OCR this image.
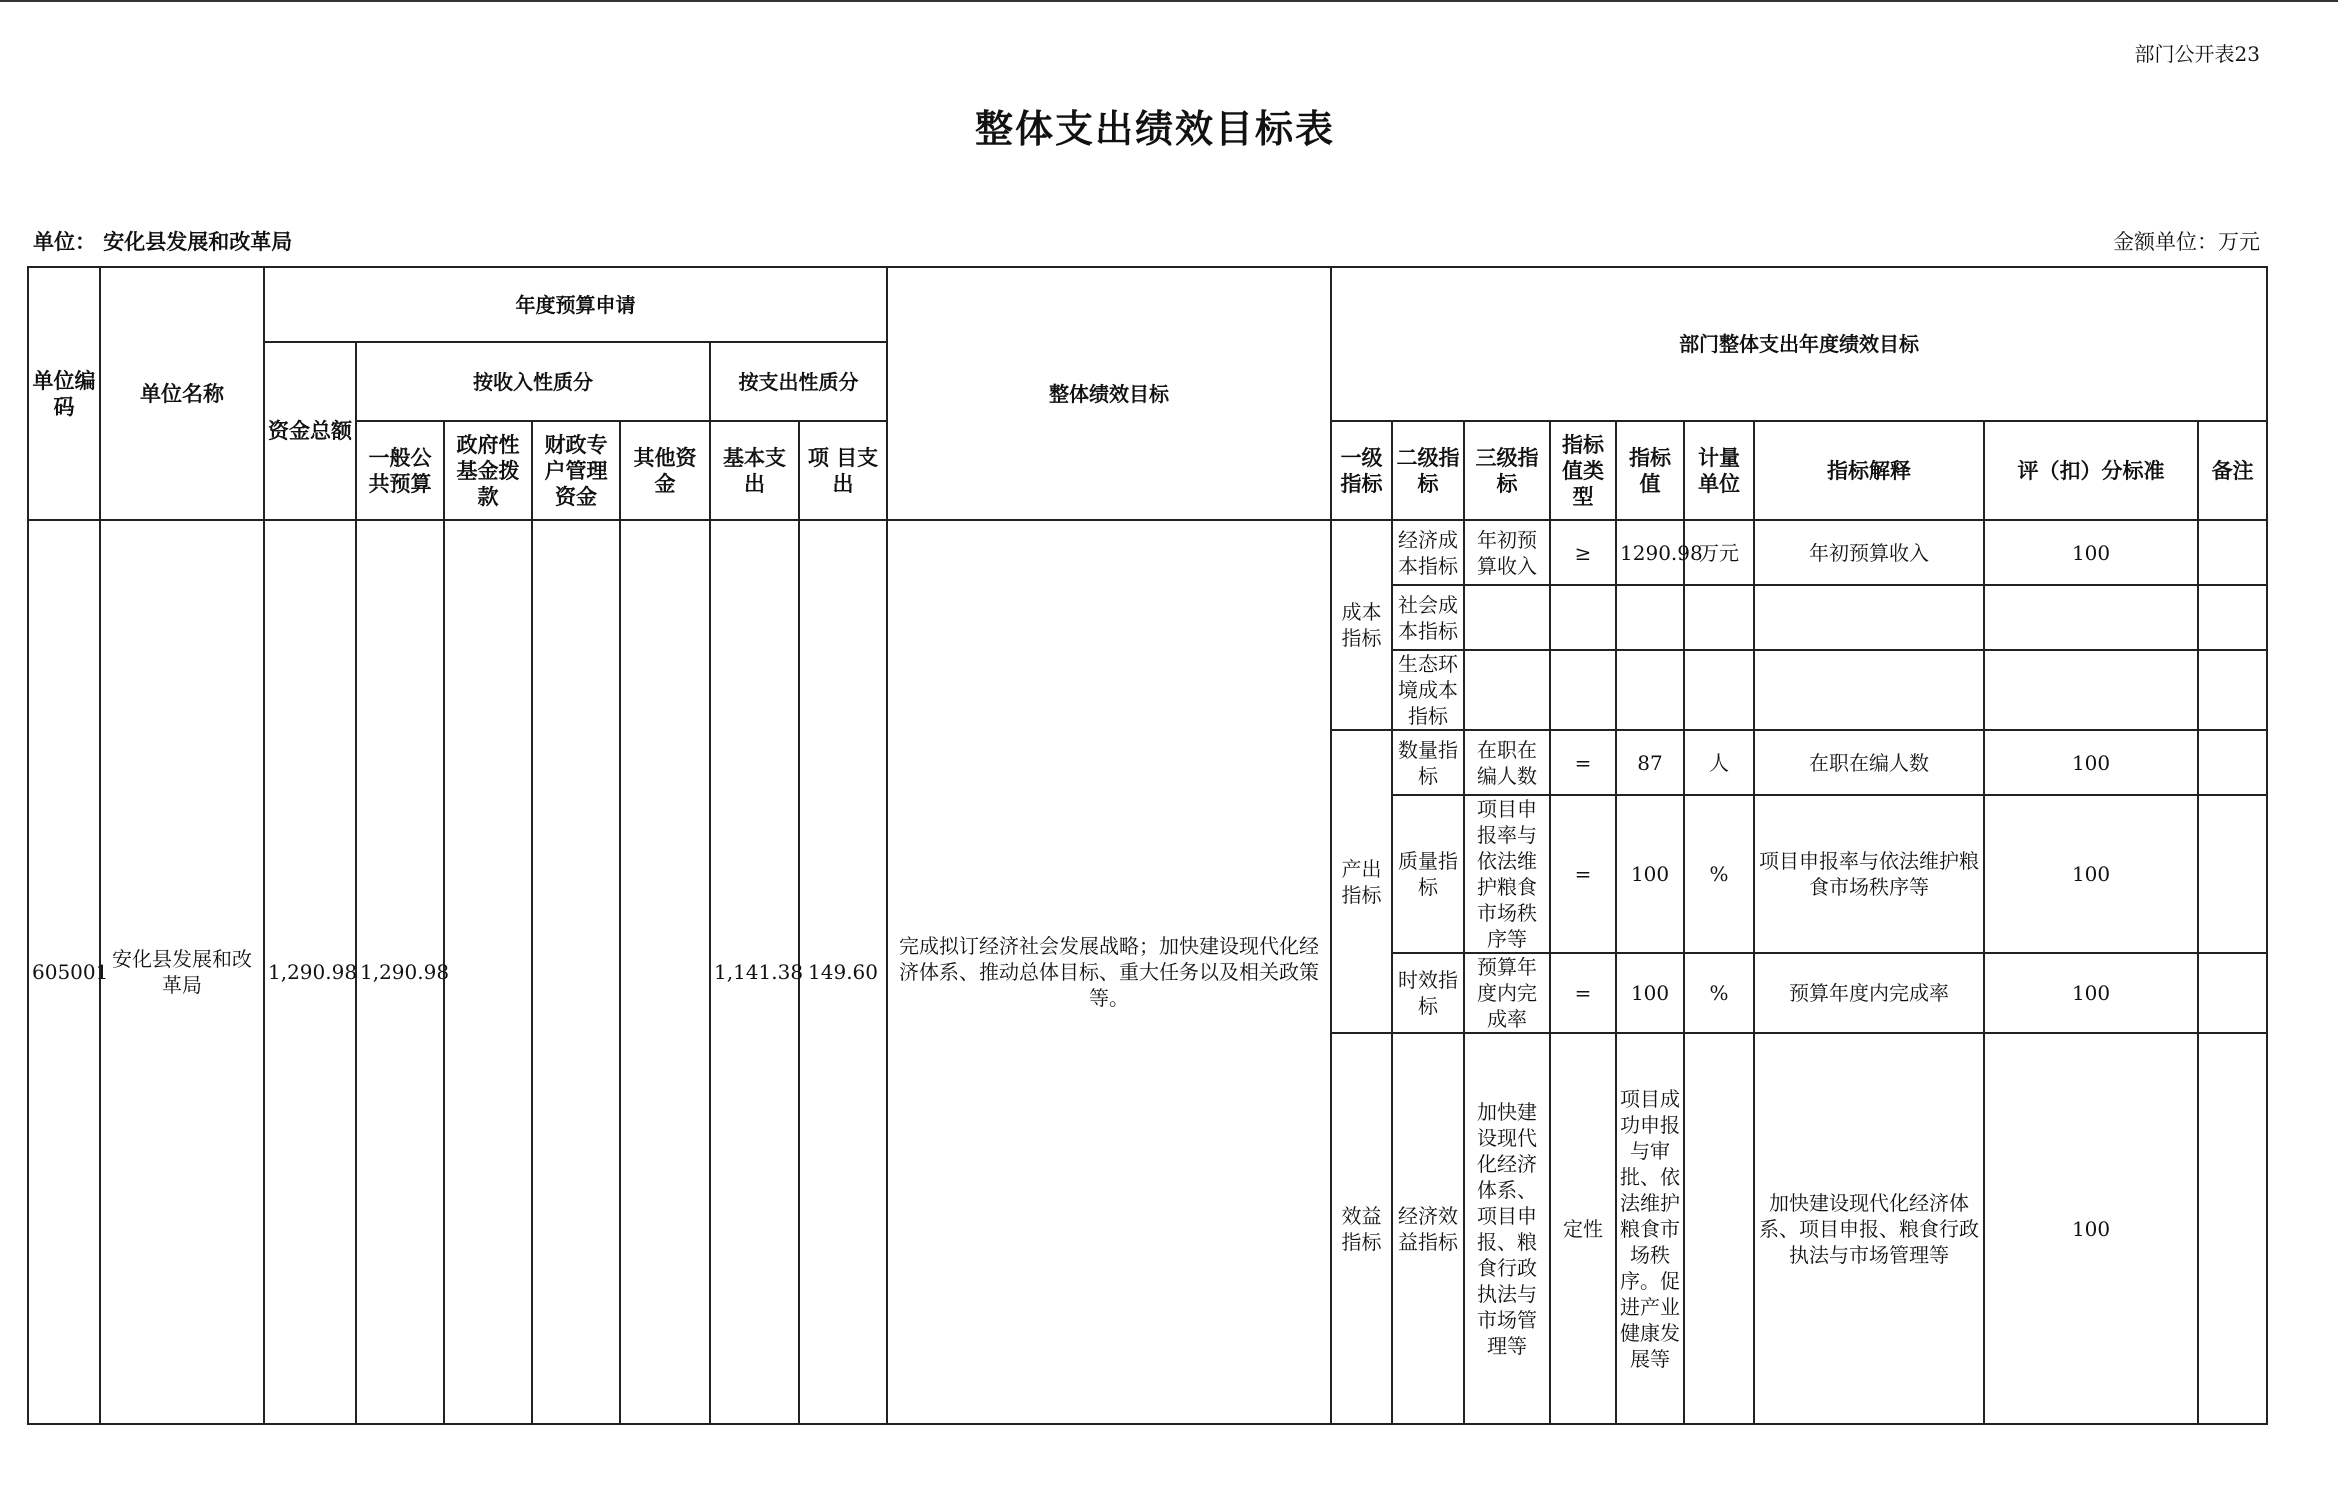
部门公开表23
整体支出绩效目标表
单位： 安化县发展和改革局	金额单位：万元
单位编码	单位名称	年度预算申请							整体绩效目标	部门整体支出年度绩效目标								
		资金总额	按收入性质分				按支出性质分											
			一般公共预算	政府性基金拨款	财政专户管理资金	其他资金	基本支出	项 目支出		一级指标	二级指标	三级指标	指标值类型	指标值	计量单位	指标解释	评（扣）分标准	备注
605001	安化县发展和改革局	1,290.98	1,290.98				1,141.38	149.60	完成拟订经济社会发展战略；加快建设现代化经济体系、推动总体目标、重大任务以及相关政策等。	成本指标	经济成本指标	年初预算收入	≥	1290.98	万元	年初预算收入	100	
											社会成本指标							
											生态环境成本指标							
										产出指标	数量指标	在职在编人数	=	87	人	在职在编人数	100	
											质量指标	项目申报率与依法维护粮食市场秩序等	=	100	%	项目申报率与依法维护粮食市场秩序等	100	
											时效指标	预算年度内完成率	=	100	%	预算年度内完成率	100	
										效益指标	经济效益指标	加快建设现代化经济体系、项目申报、粮食行政执法与市场管理等	定性	项目成功申报与审批、依法维护粮食市场秩序。促进产业健康发展等		加快建设现代化经济体系、项目申报、粮食行政执法与市场管理等	100	
